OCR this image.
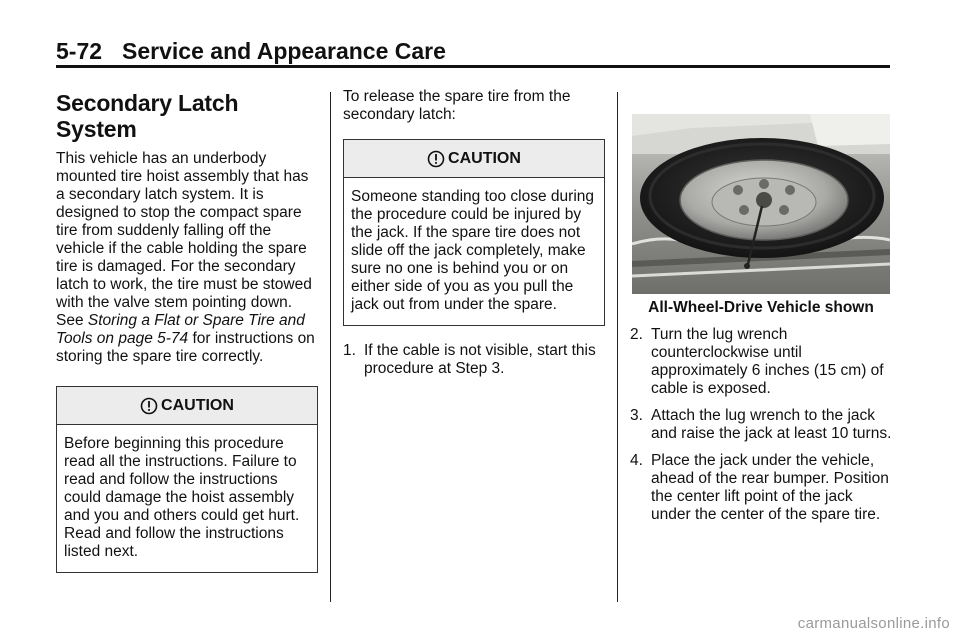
5-72 Service and Appearance Care
Secondary Latch System

This vehicle has an underbody mounted tire hoist assembly that has a secondary latch system. It is designed to stop the compact spare tire from suddenly falling off the vehicle if the cable holding the spare tire is damaged. For the secondary latch to work, the tire must be stowed with the valve stem pointing down. See Storing a Flat or Spare Tire and Tools on page 5-74 for instructions on storing the spare tire correctly.

CAUTION
Before beginning this procedure read all the instructions. Failure to read and follow the instructions could damage the hoist assembly and you and others could get hurt. Read and follow the instructions listed next.

To release the spare tire from the secondary latch:

CAUTION
Someone standing too close during the procedure could be injured by the jack. If the spare tire does not slide off the jack completely, make sure no one is behind you or on either side of you as you pull the jack out from under the spare.
1. If the cable is not visible, start this procedure at Step 3.
All-Wheel-Drive Vehicle shown
2. Turn the lug wrench counterclockwise until approximately 6 inches (15 cm) of cable is exposed.
3. Attach the lug wrench to the jack and raise the jack at least 10 turns.
4. Place the jack under the vehicle, ahead of the rear bumper. Position the center lift point of the jack under the center of the spare tire.
carmanualsonline.info
